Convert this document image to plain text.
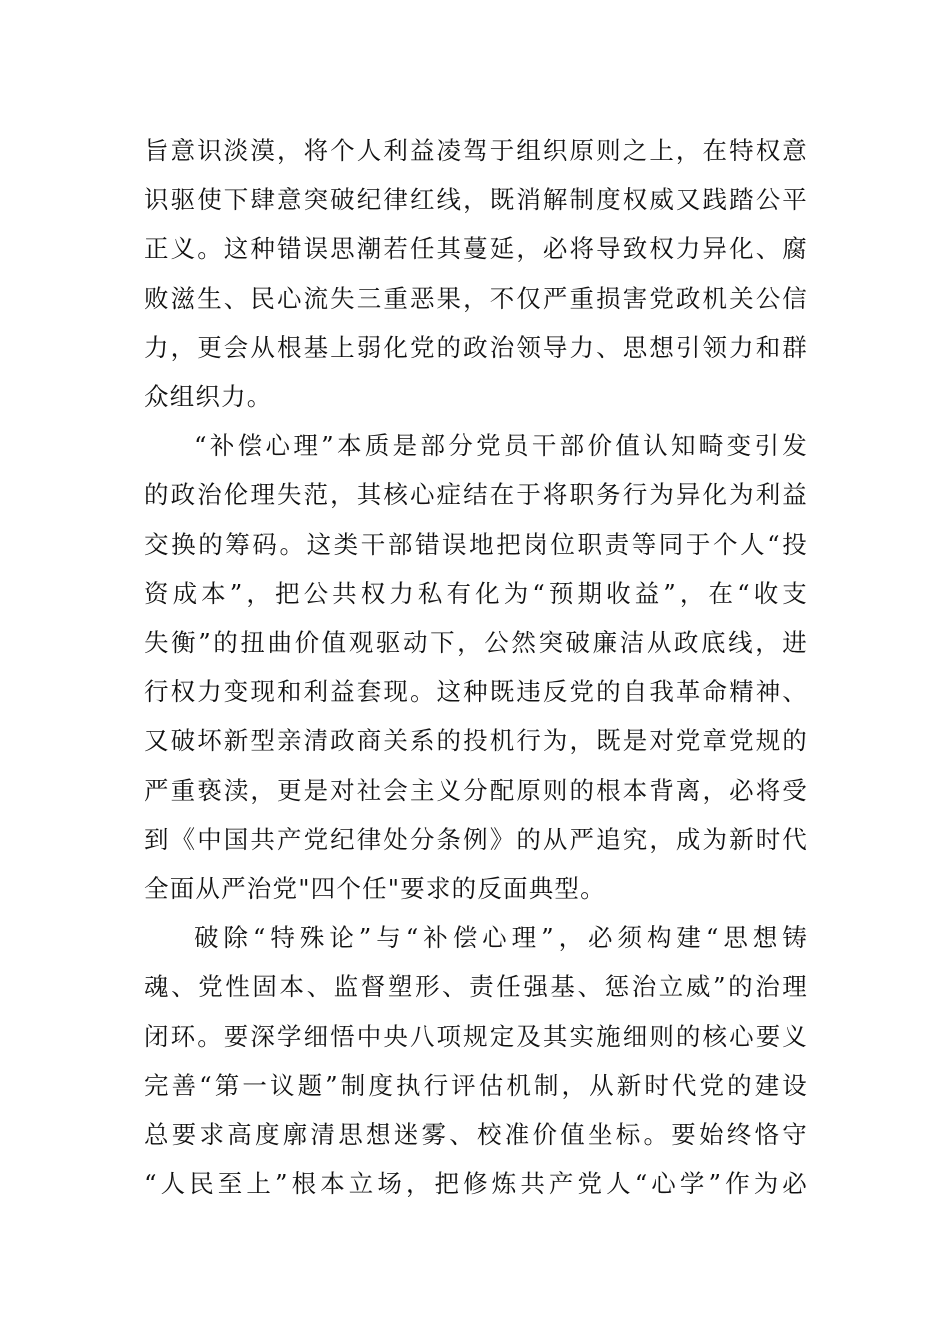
旨意识淡漠，将个人利益凌驾于组织原则之上，在特权意
识驱使下肆意突破纪律红线，既消解制度权威又践踏公平
正义。这种错误思潮若任其蔓延，必将导致权力异化、腐
败滋生、民心流失三重恶果，不仅严重损害党政机关公信
力，更会从根基上弱化党的政治领导力、思想引领力和群
众组织力。

“补偿心理”本质是部分党员干部价值认知畸变引发
的政治伦理失范，其核心症结在于将职务行为异化为利益
交换的筹码。这类干部错误地把岗位职责等同于个人“投
资成本”，把公共权力私有化为“预期收益”，在“收支
失衡”的扭曲价值观驱动下，公然突破廉洁从政底线，进
行权力变现和利益套现。这种既违反党的自我革命精神、
又破坏新型亲清政商关系的投机行为，既是对党章党规的
严重亵渎，更是对社会主义分配原则的根本背离，必将受
到《中国共产党纪律处分条例》的从严追究，成为新时代
全面从严治党"四个任"要求的反面典型。

破除“特殊论”与“补偿心理”，必须构建“思想铸
魂、党性固本、监督塑形、责任强基、惩治立威”的治理
闭环。要深学细悟中央八项规定及其实施细则的核心要义
完善“第一议题”制度执行评估机制，从新时代党的建设
总要求高度廓清思想迷雾、校准价值坐标。要始终恪守
“人民至上”根本立场，把修炼共产党人“心学”作为必
